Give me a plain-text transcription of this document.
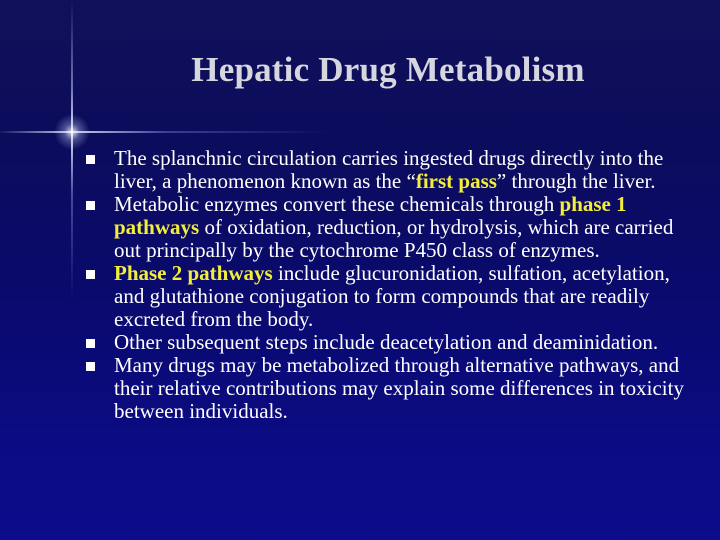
Hepatic Drug Metabolism
The splanchnic circulation carries ingested drugs directly into the liver, a phenomenon known as the “first pass” through the liver.
Metabolic enzymes convert these chemicals through phase 1 pathways of oxidation, reduction, or hydrolysis, which are carried out principally by the cytochrome P450 class of enzymes.
Phase 2 pathways include glucuronidation, sulfation, acetylation, and glutathione conjugation to form compounds that are readily excreted from the body.
Other subsequent steps include deacetylation and deaminidation.
Many drugs may be metabolized through alternative pathways, and their relative contributions may explain some differences in toxicity between individuals.
